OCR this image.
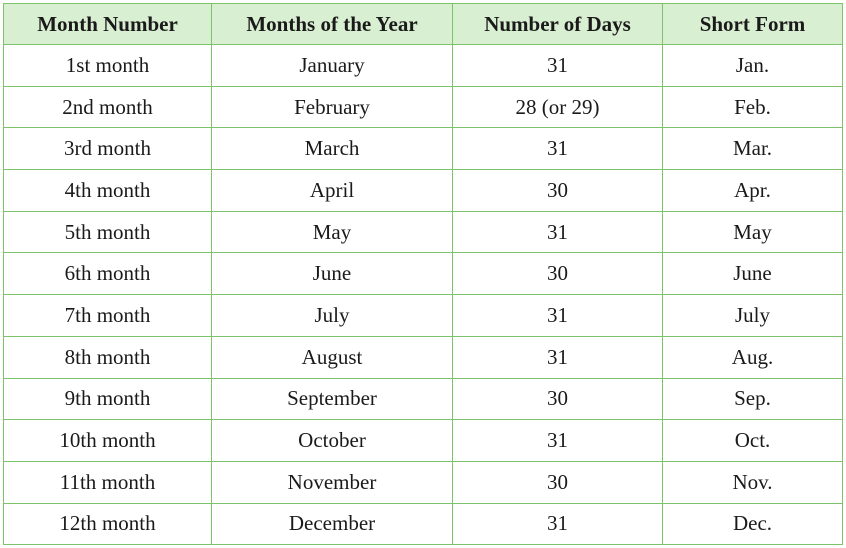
Month Number	Months of the Year	Number of Days	Short Form
1st month	January	31	Jan.
2nd month	February	28 (or 29)	Feb.
3rd month	March	31	Mar.
4th month	April	30	Apr.
5th month	May	31	May
6th month	June	30	June
7th month	July	31	July
8th month	August	31	Aug.
9th month	September	30	Sep.
10th month	October	31	Oct.
11th month	November	30	Nov.
12th month	December	31	Dec.
